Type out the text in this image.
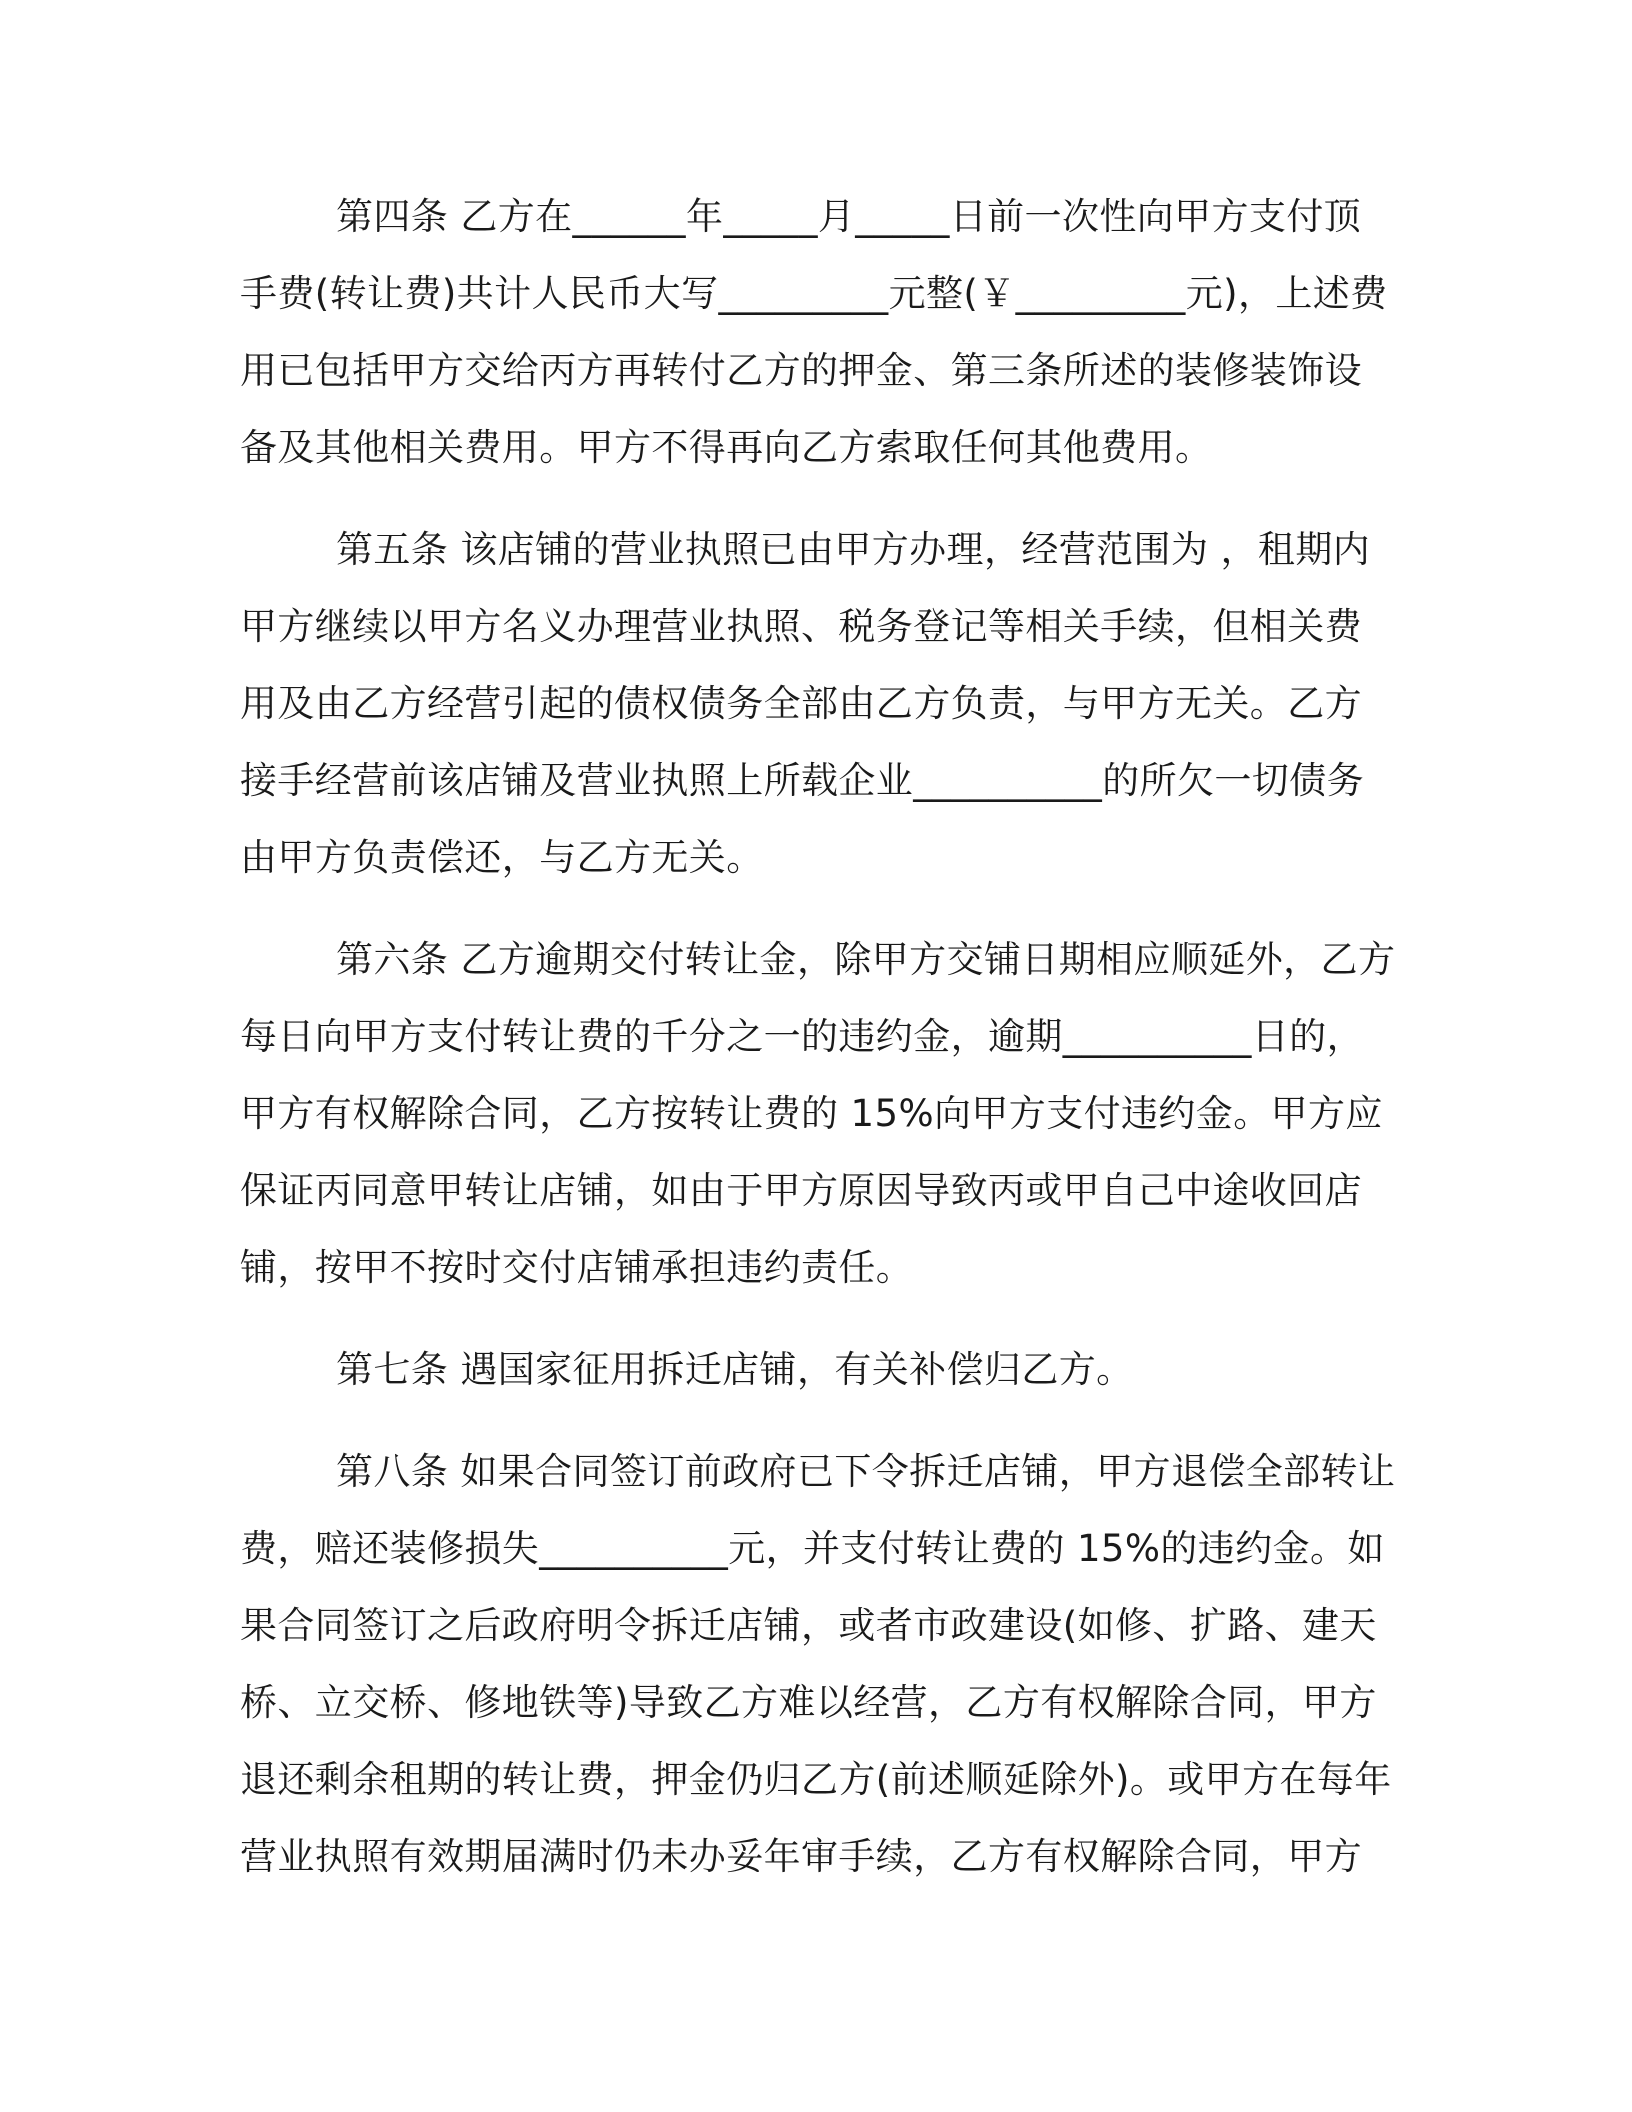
第四条 乙方在______年_____月_____日前一次性向甲方支付顶
手费(转让费)共计人民币大写_________元整(￥_________元)，上述费
用已包括甲方交给丙方再转付乙方的押金、第三条所述的装修装饰设
备及其他相关费用。甲方不得再向乙方索取任何其他费用。
第五条 该店铺的营业执照已由甲方办理，经营范围为 ，租期内
甲方继续以甲方名义办理营业执照、税务登记等相关手续，但相关费
用及由乙方经营引起的债权债务全部由乙方负责，与甲方无关。乙方
接手经营前该店铺及营业执照上所载企业__________的所欠一切债务
由甲方负责偿还，与乙方无关。
第六条 乙方逾期交付转让金，除甲方交铺日期相应顺延外，乙方
每日向甲方支付转让费的千分之一的违约金，逾期__________日的，
甲方有权解除合同，乙方按转让费的 15%向甲方支付违约金。甲方应
保证丙同意甲转让店铺，如由于甲方原因导致丙或甲自己中途收回店
铺，按甲不按时交付店铺承担违约责任。
第七条 遇国家征用拆迁店铺，有关补偿归乙方。
第八条 如果合同签订前政府已下令拆迁店铺，甲方退偿全部转让
费，赔还装修损失__________元，并支付转让费的 15%的违约金。如
果合同签订之后政府明令拆迁店铺，或者市政建设(如修、扩路、建天
桥、立交桥、修地铁等)导致乙方难以经营，乙方有权解除合同，甲方
退还剩余租期的转让费，押金仍归乙方(前述顺延除外)。或甲方在每年
营业执照有效期届满时仍未办妥年审手续，乙方有权解除合同，甲方
